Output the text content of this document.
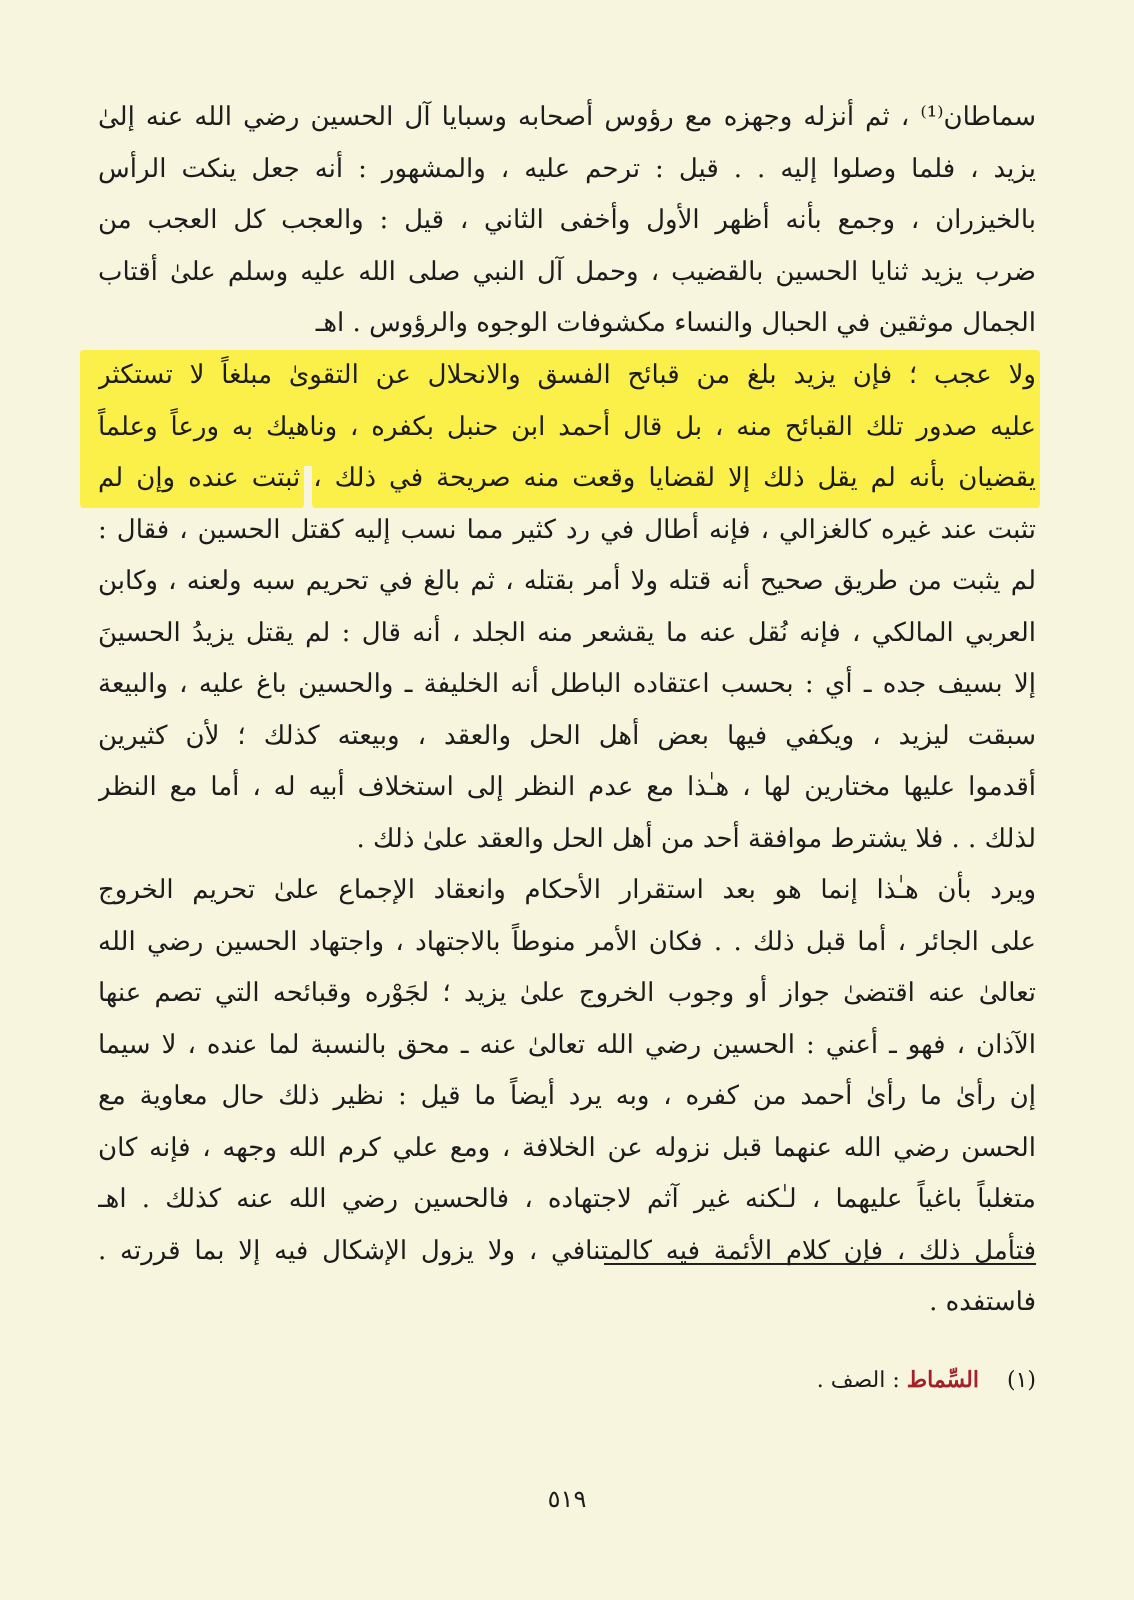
سماطان⁽¹⁾ ، ثم أنزله وجهزه مع رؤوس أصحابه وسبايا آل الحسين رضي الله عنه إلىٰ
يزيد ، فلما وصلوا إليه . . قيل : ترحم عليه ، والمشهور : أنه جعل ينكت الرأس
بالخيزران ، وجمع بأنه أظهر الأول وأخفى الثاني ، قيل : والعجب كل العجب من
ضرب يزيد ثنايا الحسين بالقضيب ، وحمل آل النبي صلى الله عليه وسلم علىٰ أقتاب
الجمال موثقين في الحبال والنساء مكشوفات الوجوه والرؤوس . اهـ
ولا عجب ؛ فإن يزيد بلغ من قبائح الفسق والانحلال عن التقوىٰ مبلغاً لا تستكثر
عليه صدور تلك القبائح منه ، بل قال أحمد ابن حنبل بكفره ، وناهيك به ورعاً وعلماً
يقضيان بأنه لم يقل ذلك إلا لقضايا وقعت منه صريحة في ذلك ، ثبتت عنده وإن لم
تثبت عند غيره كالغزالي ، فإنه أطال في رد كثير مما نسب إليه كقتل الحسين ، فقال :
لم يثبت من طريق صحيح أنه قتله ولا أمر بقتله ، ثم بالغ في تحريم سبه ولعنه ، وكابن
العربي المالكي ، فإنه نُقل عنه ما يقشعر منه الجلد ، أنه قال : لم يقتل يزيدُ الحسينَ
إلا بسيف جده ـ أي : بحسب اعتقاده الباطل أنه الخليفة ـ والحسين باغ عليه ، والبيعة
سبقت ليزيد ، ويكفي فيها بعض أهل الحل والعقد ، وبيعته كذلك ؛ لأن كثيرين
أقدموا عليها مختارين لها ، هـٰذا مع عدم النظر إلى استخلاف أبيه له ، أما مع النظر
لذلك . . فلا يشترط موافقة أحد من أهل الحل والعقد علىٰ ذلك .
ويرد بأن هـٰذا إنما هو بعد استقرار الأحكام وانعقاد الإجماع علىٰ تحريم الخروج
على الجائر ، أما قبل ذلك . . فكان الأمر منوطاً بالاجتهاد ، واجتهاد الحسين رضي الله
تعالىٰ عنه اقتضىٰ جواز أو وجوب الخروج علىٰ يزيد ؛ لجَوْره وقبائحه التي تصم عنها
الآذان ، فهو ـ أعني : الحسين رضي الله تعالىٰ عنه ـ محق بالنسبة لما عنده ، لا سيما
إن رأىٰ ما رأىٰ أحمد من كفره ، وبه يرد أيضاً ما قيل : نظير ذلك حال معاوية مع
الحسن رضي الله عنهما قبل نزوله عن الخلافة ، ومع علي كرم الله وجهه ، فإنه كان
متغلباً باغياً عليهما ، لـٰكنه غير آثم لاجتهاده ، فالحسين رضي الله عنه كذلك . اهـ
فتأمل ذلك ، فإن كلام الأئمة فيه كالمتنافي ، ولا يزول الإشكال فيه إلا بما قررته .
فاستفده .
(١)    السِّماط : الصف .
٥١٩
